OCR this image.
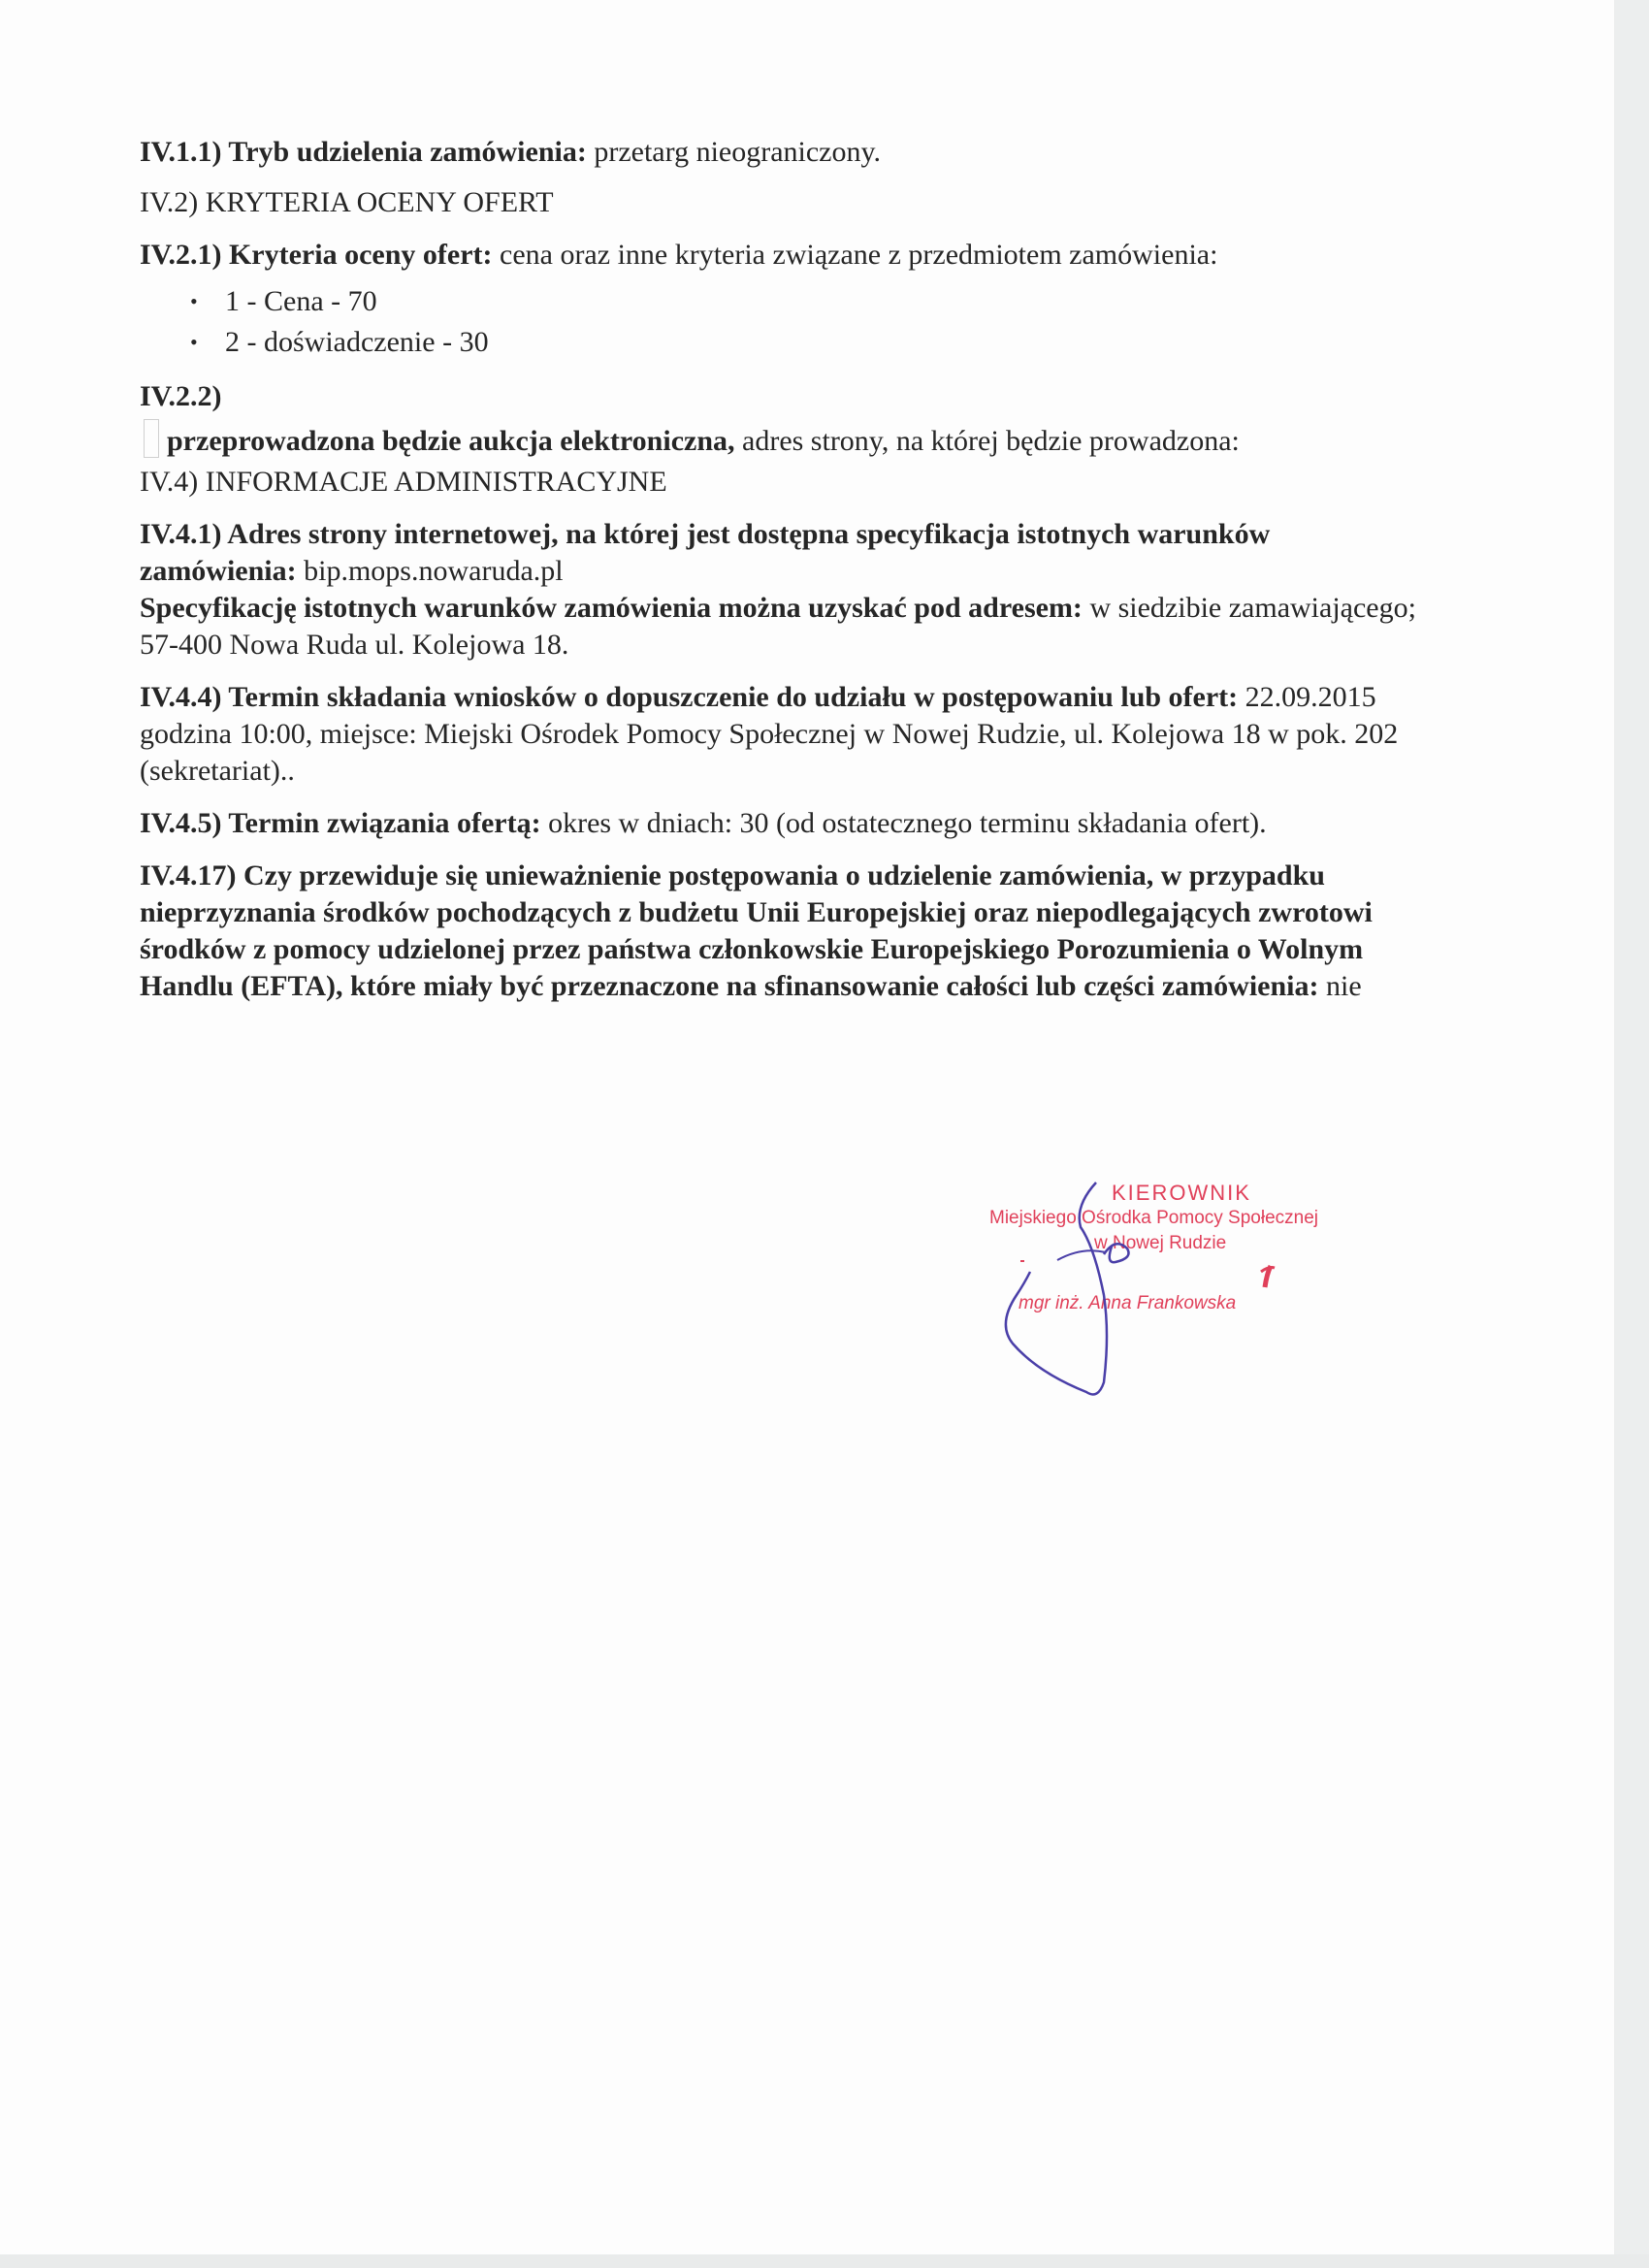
IV.1.1) Tryb udzielenia zamówienia: przetarg nieograniczony.

IV.2) KRYTERIA OCENY OFERT

IV.2.1) Kryteria oceny ofert: cena oraz inne kryteria związane z przedmiotem zamówienia:

• 1 - Cena - 70
• 2 - doświadczenie - 30

IV.2.2)

przeprowadzona będzie aukcja elektroniczna, adres strony, na której będzie prowadzona:

IV.4) INFORMACJE ADMINISTRACYJNE

IV.4.1) Adres strony internetowej, na której jest dostępna specyfikacja istotnych warunków zamówienia: bip.mops.nowaruda.pl

Specyfikację istotnych warunków zamówienia można uzyskać pod adresem: w siedzibie zamawiającego; 57-400 Nowa Ruda ul. Kolejowa 18.

IV.4.4) Termin składania wniosków o dopuszczenie do udziału w postępowaniu lub ofert: 22.09.2015 godzina 10:00, miejsce: Miejski Ośrodek Pomocy Społecznej w Nowej Rudzie, ul. Kolejowa 18 w pok. 202 (sekretariat)..

IV.4.5) Termin związania ofertą: okres w dniach: 30 (od ostatecznego terminu składania ofert).

IV.4.17) Czy przewiduje się unieważnienie postępowania o udzielenie zamówienia, w przypadku nieprzyznania środków pochodzących z budżetu Unii Europejskiej oraz niepodlegających zwrotowi środków z pomocy udzielonej przez państwa członkowskie Europejskiego Porozumienia o Wolnym Handlu (EFTA), które miały być przeznaczone na sfinansowanie całości lub części zamówienia: nie

KIEROWNIK
Miejskiego Ośrodka Pomocy Społecznej
w Nowej Rudzie
mgr inż. Anna Frankowska
